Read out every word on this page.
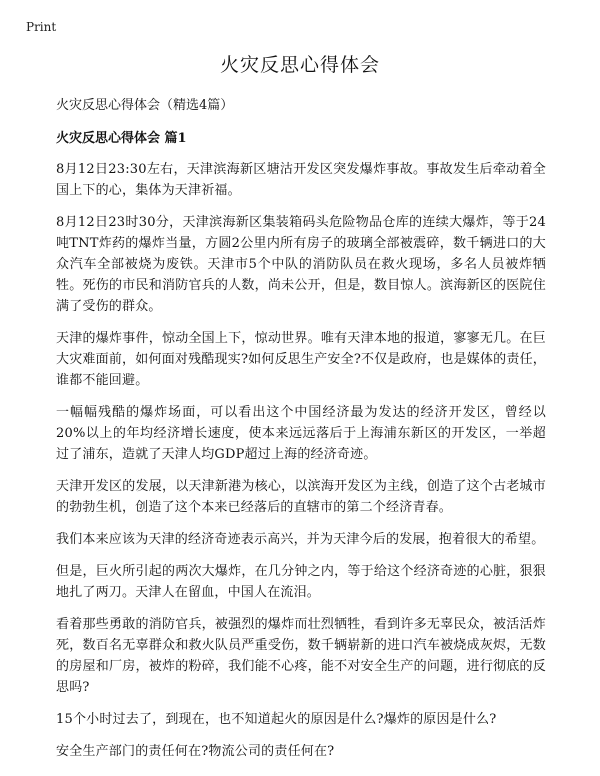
Print
火灾反思心得体会

火灾反思心得体会（精选4篇）

火灾反思心得体会 篇1

8月12日23:30左右，天津滨海新区塘沽开发区突发爆炸事故。事故发生后牵动着全国上下的心，集体为天津祈福。

8月12日23时30分，天津滨海新区集装箱码头危险物品仓库的连续大爆炸，等于24吨TNT炸药的爆炸当量，方圆2公里内所有房子的玻璃全部被震碎，数千辆进口的大众汽车全部被烧为废铁。天津市5个中队的消防队员在救火现场，多名人员被炸牺牲。死伤的市民和消防官兵的人数，尚未公开，但是，数目惊人。滨海新区的医院住满了受伤的群众。

天津的爆炸事件，惊动全国上下，惊动世界。唯有天津本地的报道，寥寥无几。在巨大灾难面前，如何面对残酷现实?如何反思生产安全?不仅是政府，也是媒体的责任，谁都不能回避。

一幅幅残酷的爆炸场面，可以看出这个中国经济最为发达的经济开发区，曾经以20%以上的年均经济增长速度，使本来远远落后于上海浦东新区的开发区，一举超过了浦东，造就了天津人均GDP超过上海的经济奇迹。

天津开发区的发展，以天津新港为核心，以滨海开发区为主线，创造了这个古老城市的勃勃生机，创造了这个本来已经落后的直辖市的第二个经济青春。

我们本来应该为天津的经济奇迹表示高兴，并为天津今后的发展，抱着很大的希望。

但是，巨火所引起的两次大爆炸，在几分钟之内，等于给这个经济奇迹的心脏，狠狠地扎了两刀。天津人在留血，中国人在流泪。

看着那些勇敢的消防官兵，被强烈的爆炸而壮烈牺牲，看到许多无辜民众，被活活炸死，数百名无辜群众和救火队员严重受伤，数千辆崭新的进口汽车被烧成灰烬，无数的房屋和厂房，被炸的粉碎，我们能不心疼，能不对安全生产的问题，进行彻底的反思吗?

15个小时过去了，到现在，也不知道起火的原因是什么?爆炸的原因是什么?

安全生产部门的责任何在?物流公司的责任何在?
